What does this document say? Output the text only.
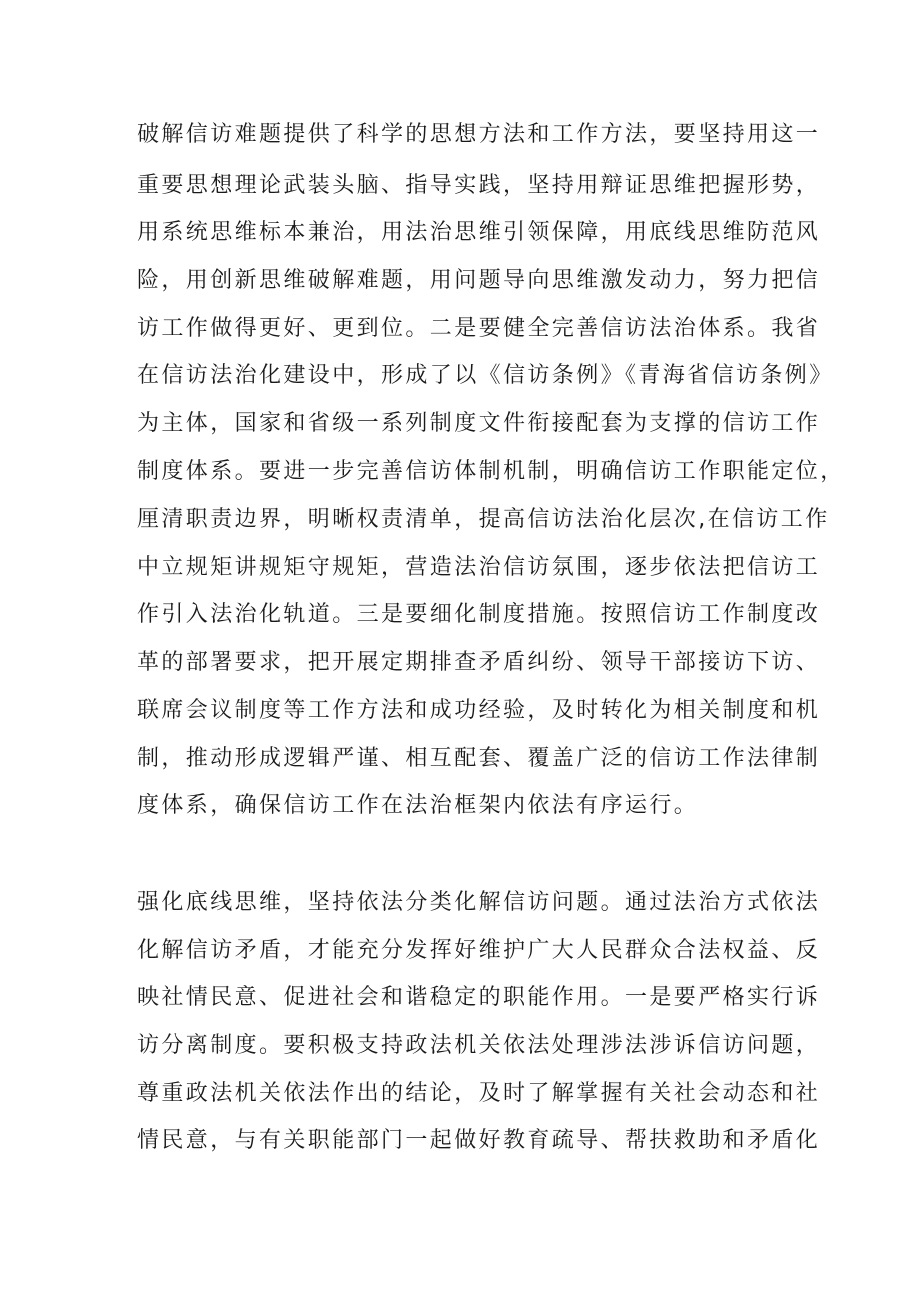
破解信访难题提供了科学的思想方法和工作方法，要坚持用这一

重要思想理论武装头脑、指导实践，坚持用辩证思维把握形势，

用系统思维标本兼治，用法治思维引领保障，用底线思维防范风

险，用创新思维破解难题，用问题导向思维激发动力，努力把信

访工作做得更好、更到位。二是要健全完善信访法治体系。我省

在信访法治化建设中，形成了以《信访条例》《青海省信访条例》

为主体，国家和省级一系列制度文件衔接配套为支撑的信访工作

制度体系。要进一步完善信访体制机制，明确信访工作职能定位，

厘清职责边界，明晰权责清单，提高信访法治化层次,在信访工作

中立规矩讲规矩守规矩，营造法治信访氛围，逐步依法把信访工

作引入法治化轨道。三是要细化制度措施。按照信访工作制度改

革的部署要求，把开展定期排查矛盾纠纷、领导干部接访下访、

联席会议制度等工作方法和成功经验，及时转化为相关制度和机

制，推动形成逻辑严谨、相互配套、覆盖广泛的信访工作法律制

度体系，确保信访工作在法治框架内依法有序运行。

强化底线思维，坚持依法分类化解信访问题。通过法治方式依法

化解信访矛盾，才能充分发挥好维护广大人民群众合法权益、反

映社情民意、促进社会和谐稳定的职能作用。一是要严格实行诉

访分离制度。要积极支持政法机关依法处理涉法涉诉信访问题，

尊重政法机关依法作出的结论，及时了解掌握有关社会动态和社

情民意，与有关职能部门一起做好教育疏导、帮扶救助和矛盾化
